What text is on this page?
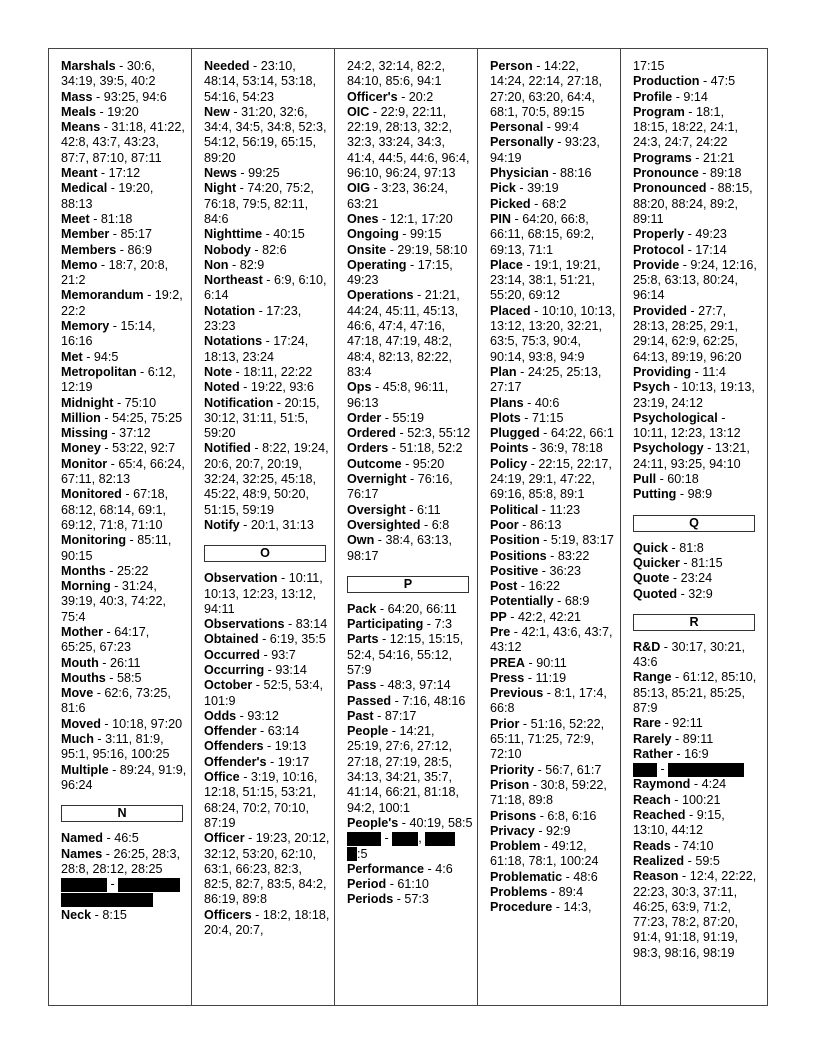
Marshals - 30:6, 34:19, 39:5, 40:2
Mass - 93:25, 94:6
Meals - 19:20
Means - 31:18, 41:22, 42:8, 43:7, 43:23, 87:7, 87:10, 87:11
Meant - 17:12
Medical - 19:20, 88:13
Meet - 81:18
Member - 85:17
Members - 86:9
Memo - 18:7, 20:8, 21:2
Memorandum - 19:2, 22:2
Memory - 15:14, 16:16
Met - 94:5
Metropolitan - 6:12, 12:19
Midnight - 75:10
Million - 54:25, 75:25
Missing - 37:12
Money - 53:22, 92:7
Monitor - 65:4, 66:24, 67:11, 82:13
Monitored - 67:18, 68:12, 68:14, 69:1, 69:12, 71:8, 71:10
Monitoring - 85:11, 90:15
Months - 25:22
Morning - 31:24, 39:19, 40:3, 74:22, 75:4
Mother - 64:17, 65:25, 67:23
Mouth - 26:11
Mouths - 58:5
Move - 62:6, 73:25, 81:6
Moved - 10:18, 97:20
Much - 3:11, 81:9, 95:1, 95:16, 100:25
Multiple - 89:24, 91:9, 96:24
N
Named - 46:5
Names - 26:25, 28:3, 28:8, 28:12, 28:25
-

Neck - 8:15
Needed - 23:10, 48:14, 53:14, 53:18, 54:16, 54:23
New - 31:20, 32:6, 34:4, 34:5, 34:8, 52:3, 54:12, 56:19, 65:15, 89:20
News - 99:25
Night - 74:20, 75:2, 76:18, 79:5, 82:11, 84:6
Nighttime - 40:15
Nobody - 82:6
Non - 82:9
Northeast - 6:9, 6:10, 6:14
Notation - 17:23, 23:23
Notations - 17:24, 18:13, 23:24
Note - 18:11, 22:22
Noted - 19:22, 93:6
Notification - 20:15, 30:12, 31:11, 51:5, 59:20
Notified - 8:22, 19:24, 20:6, 20:7, 20:19, 32:24, 32:25, 45:18, 45:22, 48:9, 50:20, 51:15, 59:19
Notify - 20:1, 31:13
O
Observation - 10:11, 10:13, 12:23, 13:12, 94:11
Observations - 83:14
Obtained - 6:19, 35:5
Occurred - 93:7
Occurring - 93:14
October - 52:5, 53:4, 101:9
Odds - 93:12
Offender - 63:14
Offenders - 19:13
Offender's - 19:17
Office - 3:19, 10:16, 12:18, 51:15, 53:21, 68:24, 70:2, 70:10, 87:19
Officer - 19:23, 20:12, 32:12, 53:20, 62:10, 63:1, 66:23, 82:3, 82:5, 82:7, 83:5, 84:2, 86:19, 89:8
Officers - 18:2, 18:18, 20:4, 20:7,
24:2, 32:14, 82:2, 84:10, 85:6, 94:1
Officer's - 20:2
OIC - 22:9, 22:11, 22:19, 28:13, 32:2, 32:3, 33:24, 34:3, 41:4, 44:5, 44:6, 96:4, 96:10, 96:24, 97:13
OIG - 3:23, 36:24, 63:21
Ones - 12:1, 17:20
Ongoing - 99:15
Onsite - 29:19, 58:10
Operating - 17:15, 49:23
Operations - 21:21, 44:24, 45:11, 45:13, 46:6, 47:4, 47:16, 47:18, 47:19, 48:2, 48:4, 82:13, 82:22, 83:4
Ops - 45:8, 96:11, 96:13
Order - 55:19
Ordered - 52:3, 55:12
Orders - 51:18, 52:2
Outcome - 95:20
Overnight - 76:16, 76:17
Oversight - 6:11
Oversighted - 6:8
Own - 38:4, 63:13, 98:17
P
Pack - 64:20, 66:11
Participating - 7:3
Parts - 12:15, 15:15, 52:4, 54:16, 55:12, 57:9
Pass - 48:3, 97:14
Passed - 7:16, 48:16
Past - 87:17
People - 14:21, 25:19, 27:6, 27:12, 27:18, 27:19, 28:5, 34:13, 34:21, 35:7, 41:14, 66:21, 81:18, 94:2, 100:1
People's - 40:19, 58:5
- ,
:5
Performance - 4:6
Period - 61:10
Periods - 57:3
Person - 14:22, 14:24, 22:14, 27:18, 27:20, 63:20, 64:4, 68:1, 70:5, 89:15
Personal - 99:4
Personally - 93:23, 94:19
Physician - 88:16
Pick - 39:19
Picked - 68:2
PIN - 64:20, 66:8, 66:11, 68:15, 69:2, 69:13, 71:1
Place - 19:1, 19:21, 23:14, 38:1, 51:21, 55:20, 69:12
Placed - 10:10, 10:13, 13:12, 13:20, 32:21, 63:5, 75:3, 90:4, 90:14, 93:8, 94:9
Plan - 24:25, 25:13, 27:17
Plans - 40:6
Plots - 71:15
Plugged - 64:22, 66:1
Points - 36:9, 78:18
Policy - 22:15, 22:17, 24:19, 29:1, 47:22, 69:16, 85:8, 89:1
Political - 11:23
Poor - 86:13
Position - 5:19, 83:17
Positions - 83:22
Positive - 36:23
Post - 16:22
Potentially - 68:9
PP - 42:2, 42:21
Pre - 42:1, 43:6, 43:7, 43:12
PREA - 90:11
Press - 11:19
Previous - 8:1, 17:4, 66:8
Prior - 51:16, 52:22, 65:11, 71:25, 72:9, 72:10
Priority - 56:7, 61:7
Prison - 30:8, 59:22, 71:18, 89:8
Prisons - 6:8, 6:16
Privacy - 92:9
Problem - 49:12, 61:18, 78:1, 100:24
Problematic - 48:6
Problems - 89:4
Procedure - 14:3,
17:15
Production - 47:5
Profile - 9:14
Program - 18:1, 18:15, 18:22, 24:1, 24:3, 24:7, 24:22
Programs - 21:21
Pronounce - 89:18
Pronounced - 88:15, 88:20, 88:24, 89:2, 89:11
Properly - 49:23
Protocol - 17:14
Provide - 9:24, 12:16, 25:8, 63:13, 80:24, 96:14
Provided - 27:7, 28:13, 28:25, 29:1, 29:14, 62:9, 62:25, 64:13, 89:19, 96:20
Providing - 11:4
Psych - 10:13, 19:13, 23:19, 24:12
Psychological - 10:11, 12:23, 13:12
Psychology - 13:21, 24:11, 93:25, 94:10
Pull - 60:18
Putting - 98:9
Q
Quick - 81:8
Quicker - 81:15
Quote - 23:24
Quoted - 32:9
R
R&D - 30:17, 30:21, 43:6
Range - 61:12, 85:10, 85:13, 85:21, 85:25, 87:9
Rare - 92:11
Rarely - 89:11
Rather - 16:9
-
Raymond - 4:24
Reach - 100:21
Reached - 9:15, 13:10, 44:12
Reads - 74:10
Realized - 59:5
Reason - 12:4, 22:22, 22:23, 30:3, 37:11, 46:25, 63:9, 71:2, 77:23, 78:2, 87:20, 91:4, 91:18, 91:19, 98:3, 98:16, 98:19
